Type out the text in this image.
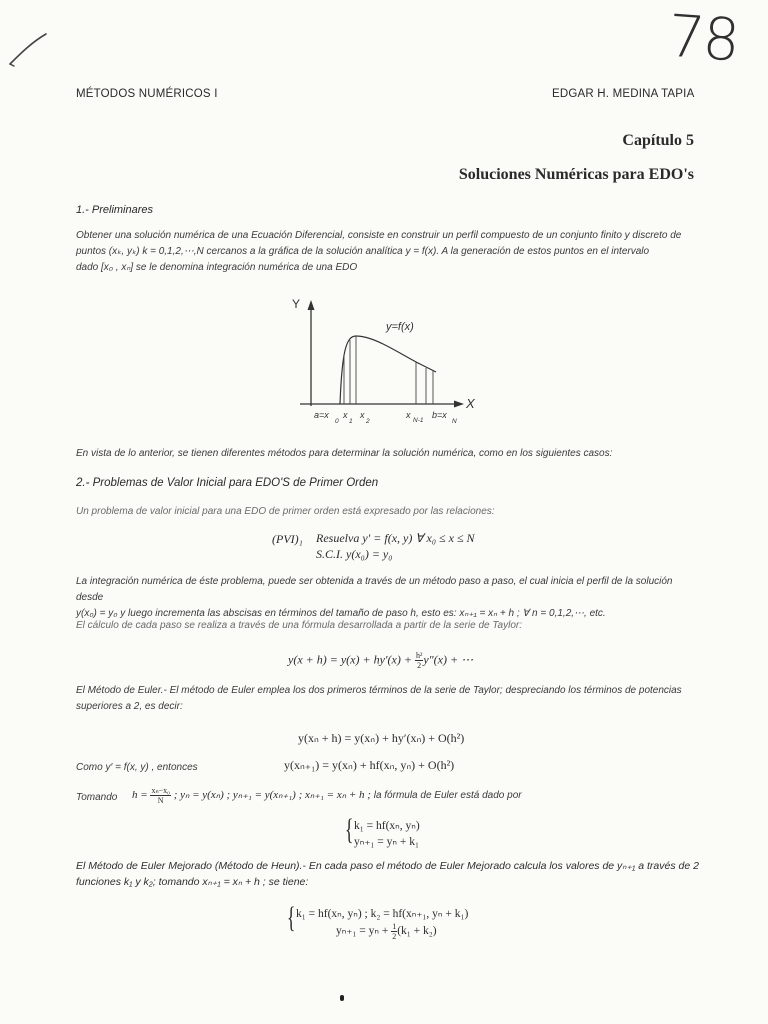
78
MÉTODOS NUMÉRICOS I	EDGAR H. MEDINA TAPIA
Capítulo 5
Soluciones Numéricas para EDO's
1.- Preliminares
Obtener una solución numérica de una Ecuación Diferencial, consiste en construir un perfil compuesto de un conjunto finito y discreto de
puntos (xₖ, yₖ) k = 0,1,2,⋯,N cercanos a la gráfica de la solución analítica y = f(x). A la generación de estos puntos en el intervalo
dado [x₀ , xₙ] se le denomina integración numérica de una EDO
Y
X
y=f(x)
a=x
0
x
1
x
2
x
N-1
b=x
N
En vista de lo anterior, se tienen diferentes métodos para determinar la solución numérica, como en los siguientes casos:
2.- Problemas de Valor Inicial para EDO'S de Primer Orden
Un problema de valor inicial para una EDO de primer orden está expresado por las relaciones:
(PVI)₁ Resuelva y′ = f(x, y) ∀ x₀ ≤ x ≤ N
S.C.I. y(x₀) = y₀
La integración numérica de éste problema, puede ser obtenida a través de un método paso a paso, el cual inicia el perfil de la solución desde
y(x₀) = y₀ y luego incrementa las abscisas en términos del tamaño de paso h, esto es: xₙ₊₁ = xₙ + h ; ∀ n = 0,1,2,⋯, etc.
El cálculo de cada paso se realiza a través de una fórmula desarrollada a partir de la serie de Taylor:
$y(x + h) = y(x) + hy'(x) + \frac{\text{h²}}{2} y''(x)$ + ⋯
El Método de Euler.- El método de Euler emplea los dos primeros términos de la serie de Taylor; despreciando los términos de potencias
superiores a 2, es decir:
y(xₙ + h) = y(xₙ) + hy′(xₙ) + O(h²)
Como y′ = f(x, y) , entonces	y(xₙ₊₁) = y(xₙ) + hf(xₙ, yₙ) + O(h²)
Tomando	$h = \frac{\text{xₙ−x₀}}{N}$ ; yₙ = y(xₙ) ; yₙ₊₁ = y(xₙ₊₁) ; xₙ₊₁ = xₙ + h ; la fórmula de Euler está dado por
{ k₁ = hf(xₙ, yₙ)
yₙ₊₁ = yₙ + k₁
El Método de Euler Mejorado (Método de Heun).- En cada paso el método de Euler Mejorado calcula los valores de yₙ₊₁ a través de 2
funciones k₁ y k₂; tomando xₙ₊₁ = xₙ + h ; se tiene:
{ k₁ = hf(xₙ, yₙ) ; k₂ = hf(xₙ₊₁, yₙ + k₁)
$y_{n+1} = y_n + \frac{1}{2} (k_1 + k_2)$
